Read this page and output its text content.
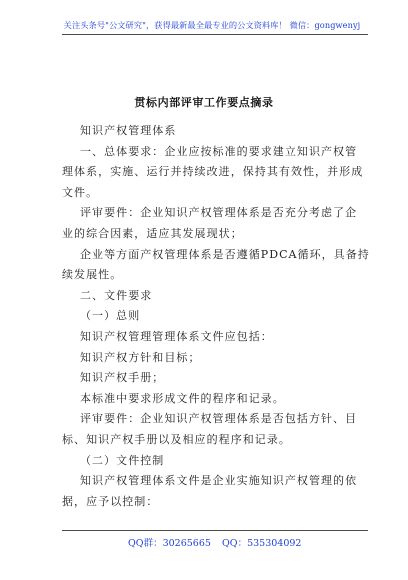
关注头条号"公文研究"，获得最新最全最专业的公文资料库！ 微信：gongwenyj
贯标内部评审工作要点摘录
知识产权管理体系
一、总体要求：企业应按标准的要求建立知识产权管
理体系，实施、运行并持续改进，保持其有效性，并形成
文件。
评审要件：企业知识产权管理体系是否充分考虑了企
业的综合因素，适应其发展现状；
企业等方面产权管理体系是否遵循PDCA循环，具备持
续发展性。
二、文件要求
（一）总则
知识产权管理管理体系文件应包括：
知识产权方针和目标；
知识产权手册；
本标准中要求形成文件的程序和记录。
评审要件：企业知识产权管理体系是否包括方针、目
标、知识产权手册以及相应的程序和记录。
（二）文件控制
知识产权管理体系文件是企业实施知识产权管理的依
据，应予以控制：
QQ群：30265665 QQ：535304092
